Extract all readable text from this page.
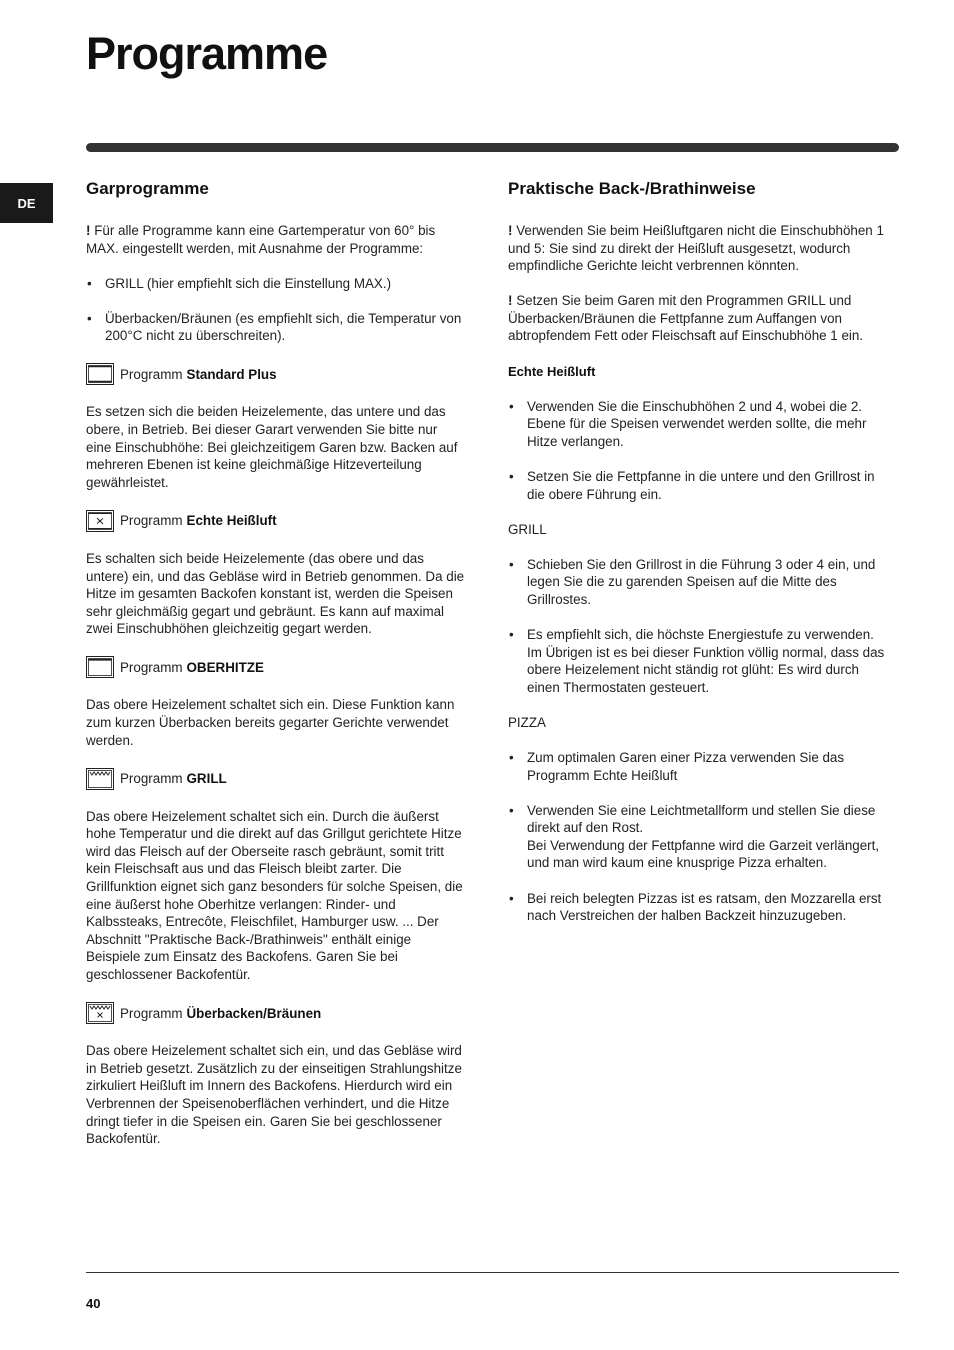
Programme
DE
Garprogramme

! Für alle Programme kann eine Gartemperatur von 60° bis MAX. eingestellt werden, mit Ausnahme der Programme:

• GRILL (hier empfiehlt sich die Einstellung MAX.)
• Überbacken/Bräunen (es empfiehlt sich, die Temperatur von 200°C nicht zu überschreiten).
Programm Standard Plus

Es setzen sich die beiden Heizelemente, das untere und das obere, in Betrieb. Bei dieser Garart verwenden Sie bitte nur eine Einschubhöhe: Bei gleichzeitigem Garen bzw. Backen auf mehreren Ebenen ist keine gleichmäßige Hitzeverteilung gewährleistet.

Programm Echte Heißluft

Es schalten sich beide Heizelemente (das obere und das untere) ein, und das Gebläse wird in Betrieb genommen. Da die Hitze im gesamten Backofen konstant ist, werden die Speisen sehr gleichmäßig gegart und gebräunt. Es kann auf maximal zwei Einschubhöhen gleichzeitig gegart werden.

Programm OBERHITZE

Das obere Heizelement schaltet sich ein. Diese Funktion kann zum kurzen Überbacken bereits gegarter Gerichte verwendet werden.

Programm GRILL

Das obere Heizelement schaltet sich ein. Durch die äußerst hohe Temperatur und die direkt auf das Grillgut gerichtete Hitze wird das Fleisch auf der Oberseite rasch gebräunt, somit tritt kein Fleischsaft aus und das Fleisch bleibt zarter. Die Grillfunktion eignet sich ganz besonders für solche Speisen, die eine äußerst hohe Oberhitze verlangen: Rinder- und Kalbssteaks, Entrecôte, Fleischfilet, Hamburger usw. ... Der Abschnitt "Praktische Back-/Brathinweis" enthält einige Beispiele zum Einsatz des Backofens. Garen Sie bei geschlossener Backofentür.

Programm Überbacken/Bräunen

Das obere Heizelement schaltet sich ein, und das Gebläse wird in Betrieb gesetzt. Zusätzlich zu der einseitigen Strahlungshitze zirkuliert Heißluft im Innern des Backofens. Hierdurch wird ein Verbrennen der Speisenoberflächen verhindert, und die Hitze dringt tiefer in die Speisen ein. Garen Sie bei geschlossener Backofentür.

Praktische Back-/Brathinweise

! Verwenden Sie beim Heißluftgaren nicht die Einschubhöhen 1 und 5: Sie sind zu direkt der Heißluft ausgesetzt, wodurch empfindliche Gerichte leicht verbrennen könnten.

! Setzen Sie beim Garen mit den Programmen GRILL und Überbacken/Bräunen die Fettpfanne zum Auffangen von abtropfendem Fett oder Fleischsaft auf Einschubhöhe 1 ein.

Echte Heißluft
• Verwenden Sie die Einschubhöhen 2 und 4, wobei die 2. Ebene für die Speisen verwendet werden sollte, die mehr Hitze verlangen.
• Setzen Sie die Fettpfanne in die untere und den Grillrost in die obere Führung ein.
GRILL
• Schieben Sie den Grillrost in die Führung 3 oder 4 ein, und legen Sie die zu garenden Speisen auf die Mitte des Grillrostes.
• Es empfiehlt sich, die höchste Energiestufe zu verwenden. Im Übrigen ist es bei dieser Funktion völlig normal, dass das obere Heizelement nicht ständig rot glüht: Es wird durch einen Thermostaten gesteuert.
PIZZA
• Zum optimalen Garen einer Pizza verwenden Sie das Programm Echte Heißluft
• Verwenden Sie eine Leichtmetallform und stellen Sie diese direkt auf den Rost.
Bei Verwendung der Fettpfanne wird die Garzeit verlängert, und man wird kaum eine knusprige Pizza erhalten.
• Bei reich belegten Pizzas ist es ratsam, den Mozzarella erst nach Verstreichen der halben Backzeit hinzuzugeben.
40
